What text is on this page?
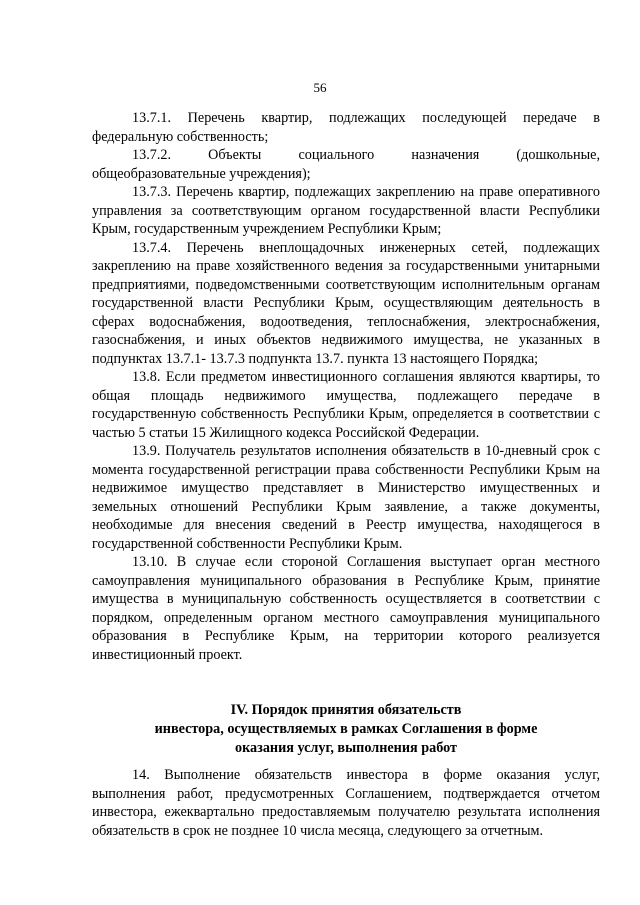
56

13.7.1. Перечень квартир, подлежащих последующей передаче в федеральную собственность;

13.7.2. Объекты социального назначения (дошкольные, общеобразовательные учреждения);

13.7.3. Перечень квартир, подлежащих закреплению на праве оперативного управления за соответствующим органом государственной власти Республики Крым, государственным учреждением Республики Крым;

13.7.4. Перечень внеплощадочных инженерных сетей, подлежащих закреплению на праве хозяйственного ведения за государственными унитарными предприятиями, подведомственными соответствующим исполнительным органам государственной власти Республики Крым, осуществляющим деятельность в сферах водоснабжения, водоотведения, теплоснабжения, электроснабжения, газоснабжения, и иных объектов недвижимого имущества, не указанных в подпунктах 13.7.1- 13.7.3 подпункта 13.7. пункта 13 настоящего Порядка;

13.8. Если предметом инвестиционного соглашения являются квартиры, то общая площадь недвижимого имущества, подлежащего передаче в государственную собственность Республики Крым, определяется в соответствии с частью 5 статьи 15 Жилищного кодекса Российской Федерации.

13.9. Получатель результатов исполнения обязательств в 10-дневный срок с момента государственной регистрации права собственности Республики Крым на недвижимое имущество представляет в Министерство имущественных и земельных отношений Республики Крым заявление, а также документы, необходимые для внесения сведений в Реестр имущества, находящегося в государственной собственности Республики Крым.

13.10. В случае если стороной Соглашения выступает орган местного самоуправления муниципального образования в Республике Крым, принятие имущества в муниципальную собственность осуществляется в соответствии с порядком, определенным органом местного самоуправления муниципального образования в Республике Крым, на территории которого реализуется инвестиционный проект.

IV. Порядок принятия обязательств
инвестора, осуществляемых в рамках Соглашения в форме
оказания услуг, выполнения работ

14. Выполнение обязательств инвестора в форме оказания услуг, выполнения работ, предусмотренных Соглашением, подтверждается отчетом инвестора, ежеквартально предоставляемым получателю результата исполнения обязательств в срок не позднее 10 числа месяца, следующего за отчетным.
